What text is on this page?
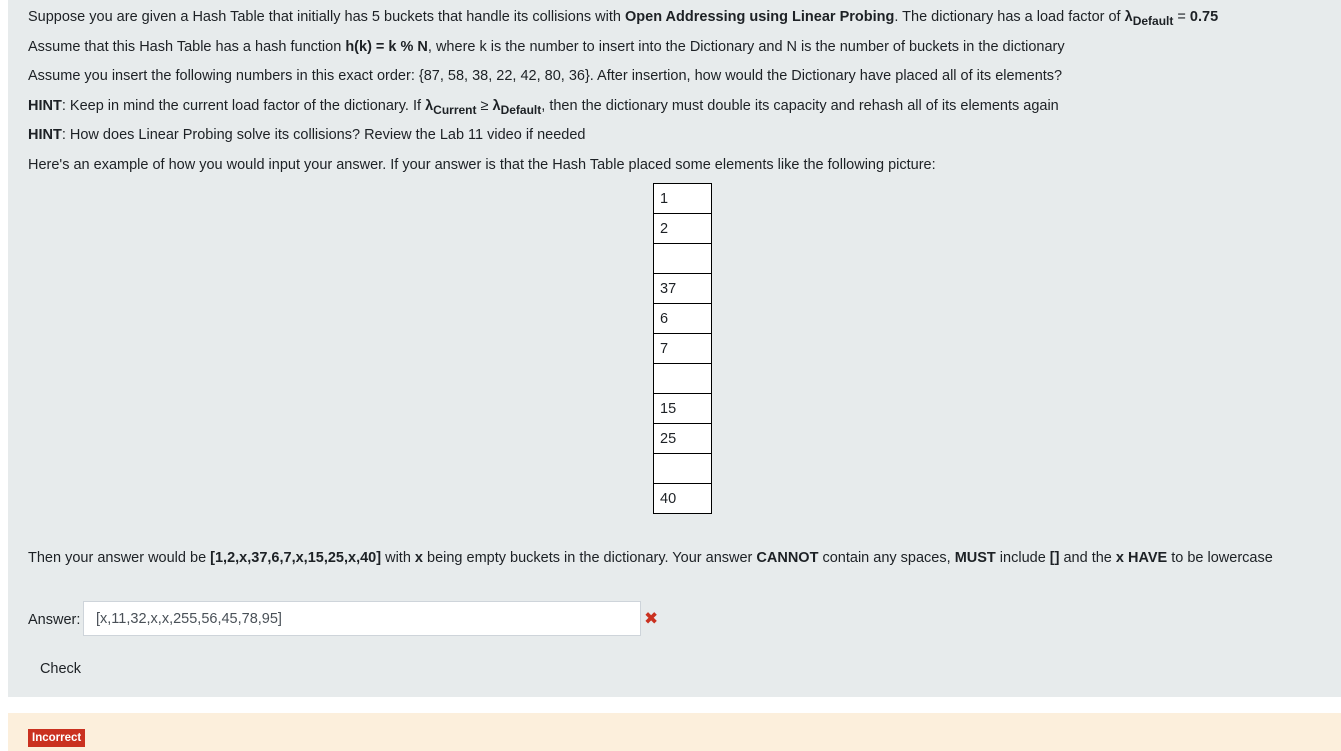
Suppose you are given a Hash Table that initially has 5 buckets that handle its collisions with Open Addressing using Linear Probing. The dictionary has a load factor of $\lambda_{Default} = 0.75$
Assume that this Hash Table has a hash function h(k) = k % N, where k is the number to insert into the Dictionary and N is the number of buckets in the dictionary
Assume you insert the following numbers in this exact order: {87, 58, 38, 22, 42, 80, 36}. After insertion, how would the Dictionary have placed all of its elements?
HINT: Keep in mind the current load factor of the dictionary. If $\lambda_{Current} \ge \lambda_{Default}$, then the dictionary must double its capacity and rehash all of its elements again
HINT: How does Linear Probing solve its collisions? Review the Lab 11 video if needed
Here's an example of how you would input your answer. If your answer is that the Hash Table placed some elements like the following picture:
1
2

37
6
7

15
25

40
Then your answer would be [1,2,x,37,6,7,x,15,25,x,40] with x being empty buckets in the dictionary. Your answer CANNOT contain any spaces, MUST include [] and the x HAVE to be lowercase
Answer:
[x,11,32,x,x,255,56,45,78,95]	✖
Check
Incorrect
